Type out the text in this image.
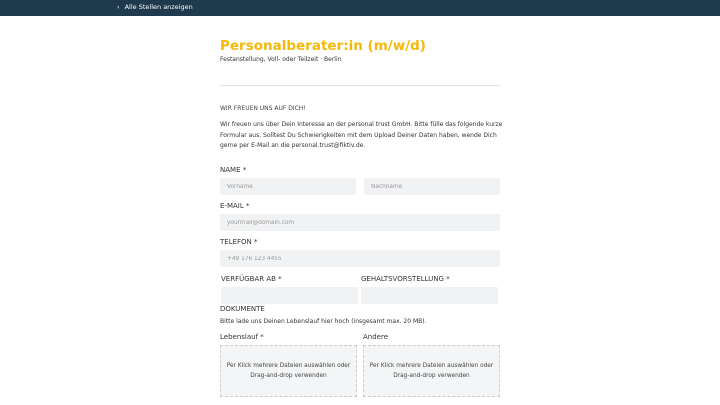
‹ Alle Stellen anzeigen
Personalberater:in (m/w/d)
Festanstellung, Voll- oder Teilzeit · Berlin
WIR FREUEN UNS AUF DICH!
Wir freuen uns über Dein Interesse an der personal trust GmbH. Bitte fülle das folgende kurze Formular aus. Solltest Du Schwierigkeiten mit dem Upload Deiner Daten haben, wende Dich gerne per E-Mail an die personal.trust@fiktiv.de.
NAME *
Vorname
Nachname
E-MAIL *
yourmail@domain.com
TELEFON *
+49 176 123 4455
VERFÜGBAR AB *	GEHALTSVORSTELLUNG *
DOKUMENTE
Bitte lade uns Deinen Lebenslauf hier hoch (insgesamt max. 20 MB).
Lebenslauf *	Andere
Per Klick mehrere Dateien auswählen oder
Drag-and-drop verwenden
Per Klick mehrere Dateien auswählen oder
Drag-and-drop verwenden
